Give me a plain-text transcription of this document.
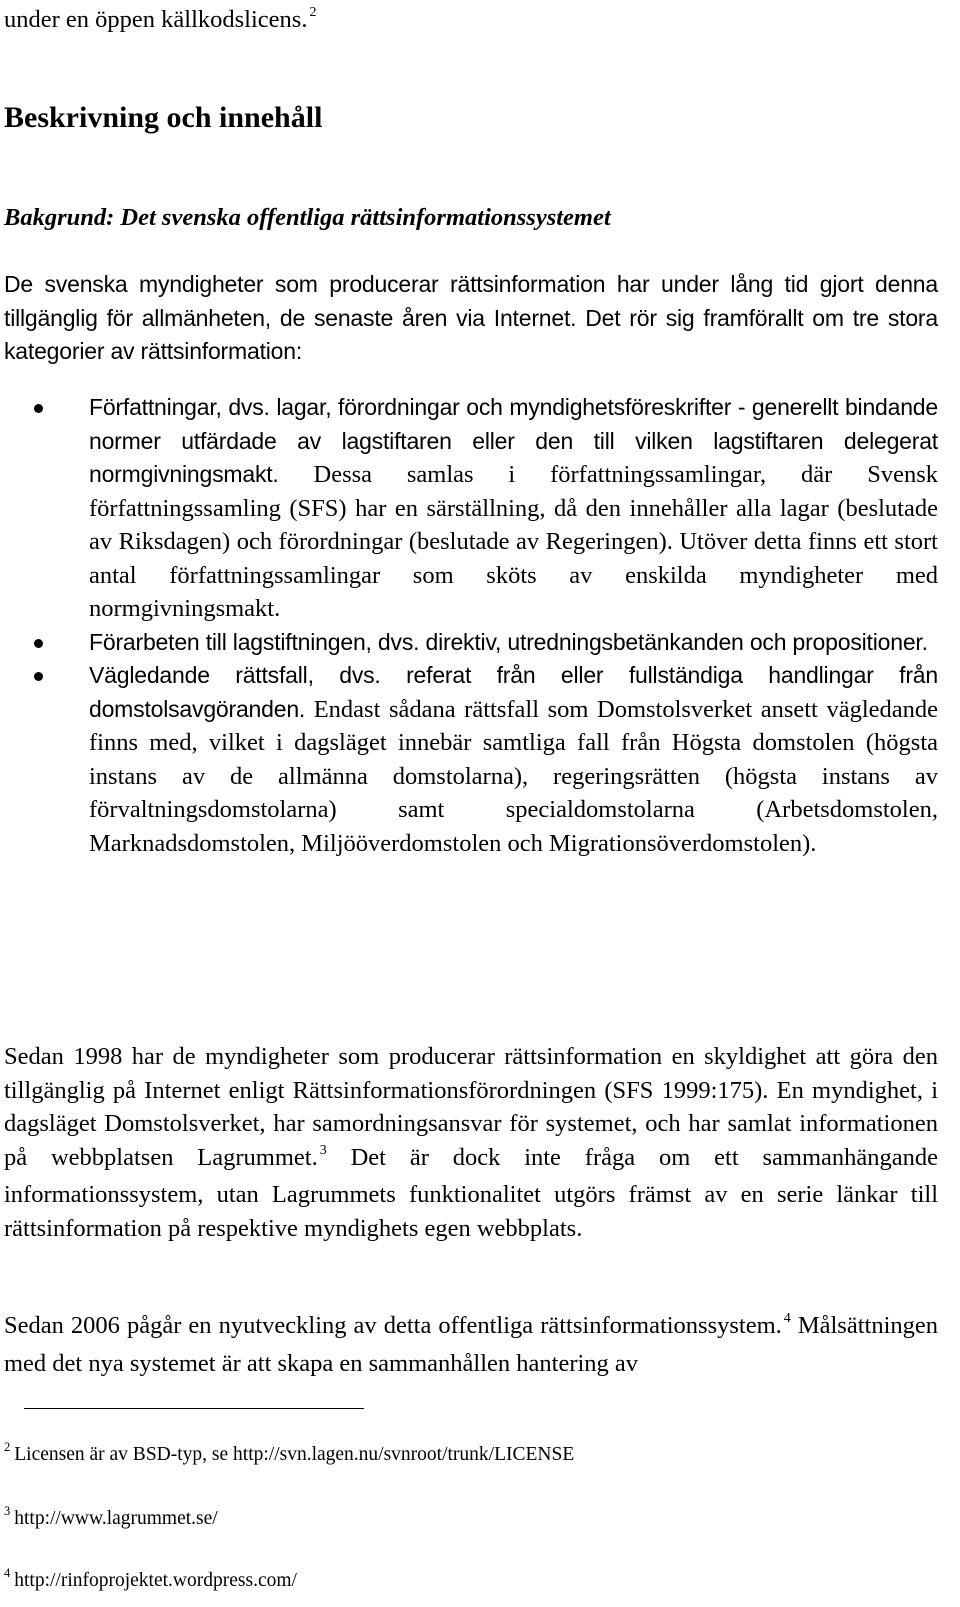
under en öppen källkodslicens. $^2$
Beskrivning och innehåll
Bakgrund: Det svenska offentliga rättsinformationssystemet

De svenska myndigheter som producerar rättsinformation har under lång tid gjort denna tillgänglig för allmänheten, de senaste åren via Internet. Det rör sig framförallt om tre stora kategorier av rättsinformation:

Författningar, dvs. lagar, förordningar och myndighetsföreskrifter - generellt bindande normer utfärdade av lagstiftaren eller den till vilken lagstiftaren delegerat normgivningsmakt. Dessa samlas i författningssamlingar, där Svensk författningssamling (SFS) har en särställning, då den innehåller alla lagar (beslutade av Riksdagen) och förordningar (beslutade av Regeringen). Utöver detta finns ett stort antal författningssamlingar som sköts av enskilda myndigheter med normgivningsmakt.
Förarbeten till lagstiftningen, dvs. direktiv, utredningsbetänkanden och propositioner.
Vägledande rättsfall, dvs. referat från eller fullständiga handlingar från domstolsavgöranden. Endast sådana rättsfall som Domstolsverket ansett vägledande finns med, vilket i dagsläget innebär samtliga fall från Högsta domstolen (högsta instans av de allmänna domstolarna), regeringsrätten (högsta instans av förvaltningsdomstolarna) samt specialdomstolarna (Arbetsdomstolen, Marknadsdomstolen, Miljööverdomstolen och Migrationsöverdomstolen).

Sedan 1998 har de myndigheter som producerar rättsinformation en skyldighet att göra den tillgänglig på Internet enligt Rättsinformationsförordningen (SFS 1999:175). En myndighet, i dagsläget Domstolsverket, har samordningsansvar för systemet, och har samlat informationen på webbplatsen Lagrummet. $^3$ Det är dock inte fråga om ett sammanhängande informationssystem, utan Lagrummets funktionalitet utgörs främst av en serie länkar till rättsinformation på respektive myndighets egen webbplats.

Sedan 2006 pågår en nyutveckling av detta offentliga rättsinformationssystem. $^4$ Målsättningen med det nya systemet är att skapa en sammanhållen hantering av

$^2$ Licensen är av BSD-typ, se http://svn.lagen.nu/svnroot/trunk/LICENSE
$^3$ http://www.lagrummet.se/
$^4$ http://rinfoprojektet.wordpress.com/
